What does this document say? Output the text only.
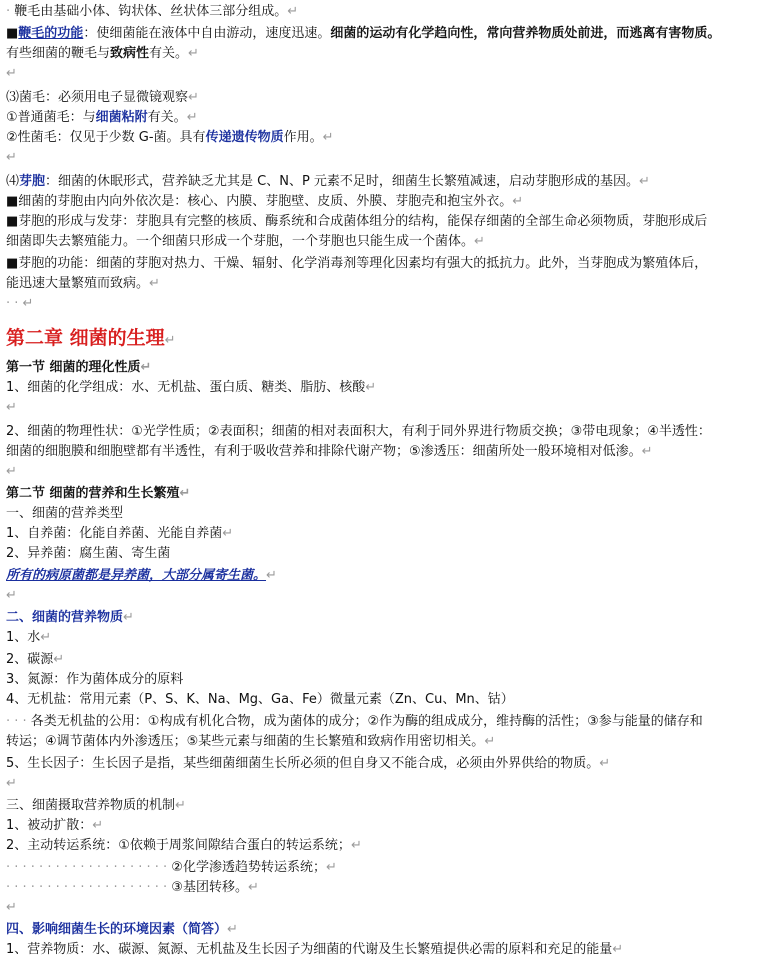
· 鞭毛由基础小体、钩状体、丝状体三部分组成。↵
■鞭毛的功能：使细菌能在液体中自由游动，速度迅速。细菌的运动有化学趋向性，常向营养物质处前进，而逃离有害物质。
有些细菌的鞭毛与致病性有关。↵
↵
⑶菌毛：必须用电子显微镜观察↵
①普通菌毛：与细菌粘附有关。↵
②性菌毛：仅见于少数 G-菌。具有传递遗传物质作用。↵
↵
⑷芽胞：细菌的休眠形式，营养缺乏尤其是 C、N、P 元素不足时，细菌生长繁殖减速，启动芽胞形成的基因。↵
■细菌的芽胞由内向外依次是：核心、内膜、芽胞壁、皮质、外膜、芽胞壳和抱宝外衣。↵
■芽胞的形成与发芽：芽胞具有完整的核质、酶系统和合成菌体组分的结构，能保存细菌的全部生命必须物质，芽胞形成后
细菌即失去繁殖能力。一个细菌只形成一个芽胞，一个芽胞也只能生成一个菌体。↵
■芽胞的功能：细菌的芽胞对热力、干燥、辐射、化学消毒剂等理化因素均有强大的抵抗力。此外，当芽胞成为繁殖体后，
能迅速大量繁殖而致病。↵
· · ↵
第二章 细菌的生理↵
第一节 细菌的理化性质↵
1、细菌的化学组成：水、无机盐、蛋白质、糖类、脂肪、核酸↵
↵
2、细菌的物理性状：①光学性质；②表面积；细菌的相对表面积大，有利于同外界进行物质交换；③带电现象；④半透性：
细菌的细胞膜和细胞壁都有半透性，有利于吸收营养和排除代谢产物；⑤渗透压：细菌所处一般环境相对低渗。↵
↵
第二节 细菌的营养和生长繁殖↵
一、细菌的营养类型
1、自养菌：化能自养菌、光能自养菌↵
2、异养菌：腐生菌、寄生菌
所有的病原菌都是异养菌，大部分属寄生菌。↵
↵
二、细菌的营养物质↵
1、水↵
2、碳源↵
3、氮源：作为菌体成分的原料
4、无机盐：常用元素（P、S、K、Na、Mg、Ga、Fe）微量元素（Zn、Cu、Mn、钴）
· · · 各类无机盐的公用：①构成有机化合物，成为菌体的成分；②作为酶的组成成分，维持酶的活性；③参与能量的储存和
转运；④调节菌体内外渗透压；⑤某些元素与细菌的生长繁殖和致病作用密切相关。↵
5、生长因子：生长因子是指，某些细菌细菌生长所必须的但自身又不能合成，必须由外界供给的物质。↵
↵
三、细菌摄取营养物质的机制↵
1、被动扩散：↵
2、主动转运系统：①依赖于周浆间隙结合蛋白的转运系统；↵
· · · · · · · · · · · · · · · · · · · · ②化学渗透趋势转运系统；↵
· · · · · · · · · · · · · · · · · · · · ③基团转移。↵
↵
四、影响细菌生长的环境因素（简答）↵
1、营养物质：水、碳源、氮源、无机盐及生长因子为细菌的代谢及生长繁殖提供必需的原料和充足的能量↵
